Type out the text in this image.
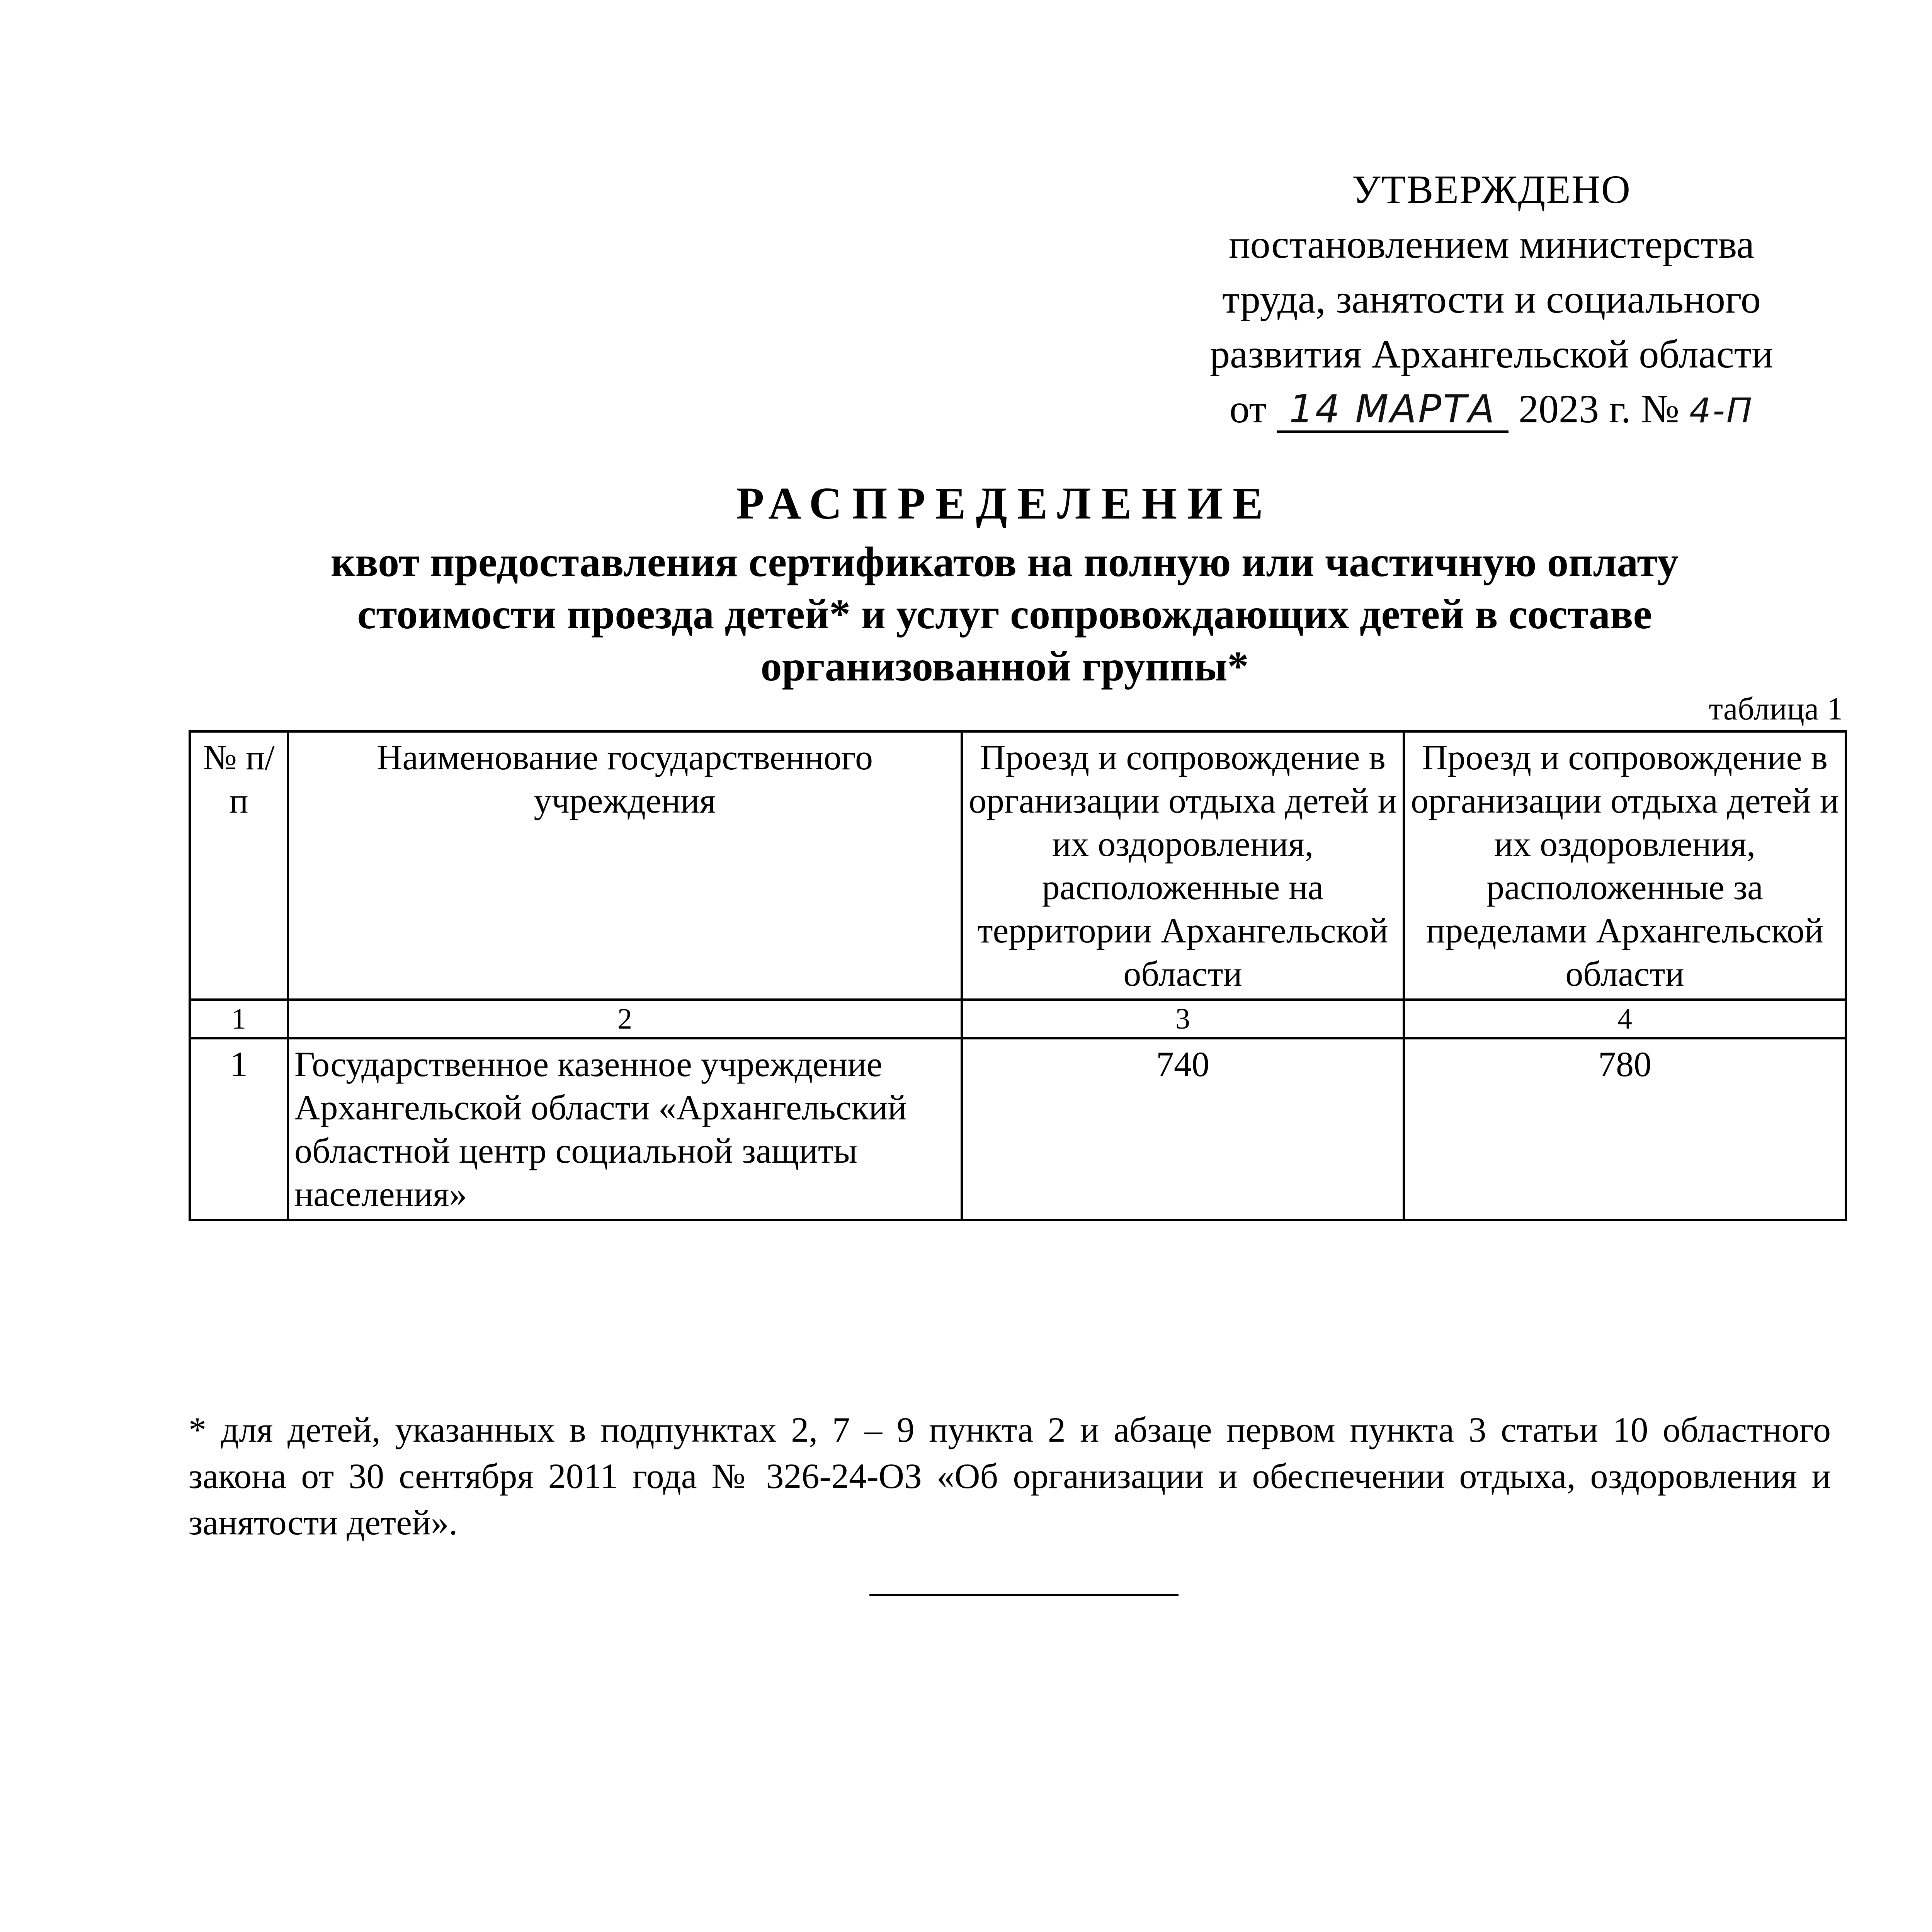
УТВЕРЖДЕНО
постановлением министерства
труда, занятости и социального
развития Архангельской области
от 14 МАРТА 2023 г. № 4-П
РАСПРЕДЕЛЕНИЕ
квот предоставления сертификатов на полную или частичную оплату
стоимости проезда детей* и услуг сопровождающих детей в составе
организованной группы*
таблица 1
№ п/п	Наименование государственного учреждения	Проезд и сопровождение в организации отдыха детей и их оздоровления, расположенные на территории Архангельской области	Проезд и сопровождение в организации отдыха детей и их оздоровления, расположенные за пределами Архангельской области
1	2	3	4
1	Государственное казенное учреждение Архангельской области «Архангельский областной центр социальной защиты населения»	740	780
* для детей, указанных в подпунктах 2, 7 – 9 пункта 2 и абзаце первом пункта 3 статьи 10 областного закона от 30 сентября 2011 года № 326-24-ОЗ «Об организации и обеспечении отдыха, оздоровления и занятости детей».
